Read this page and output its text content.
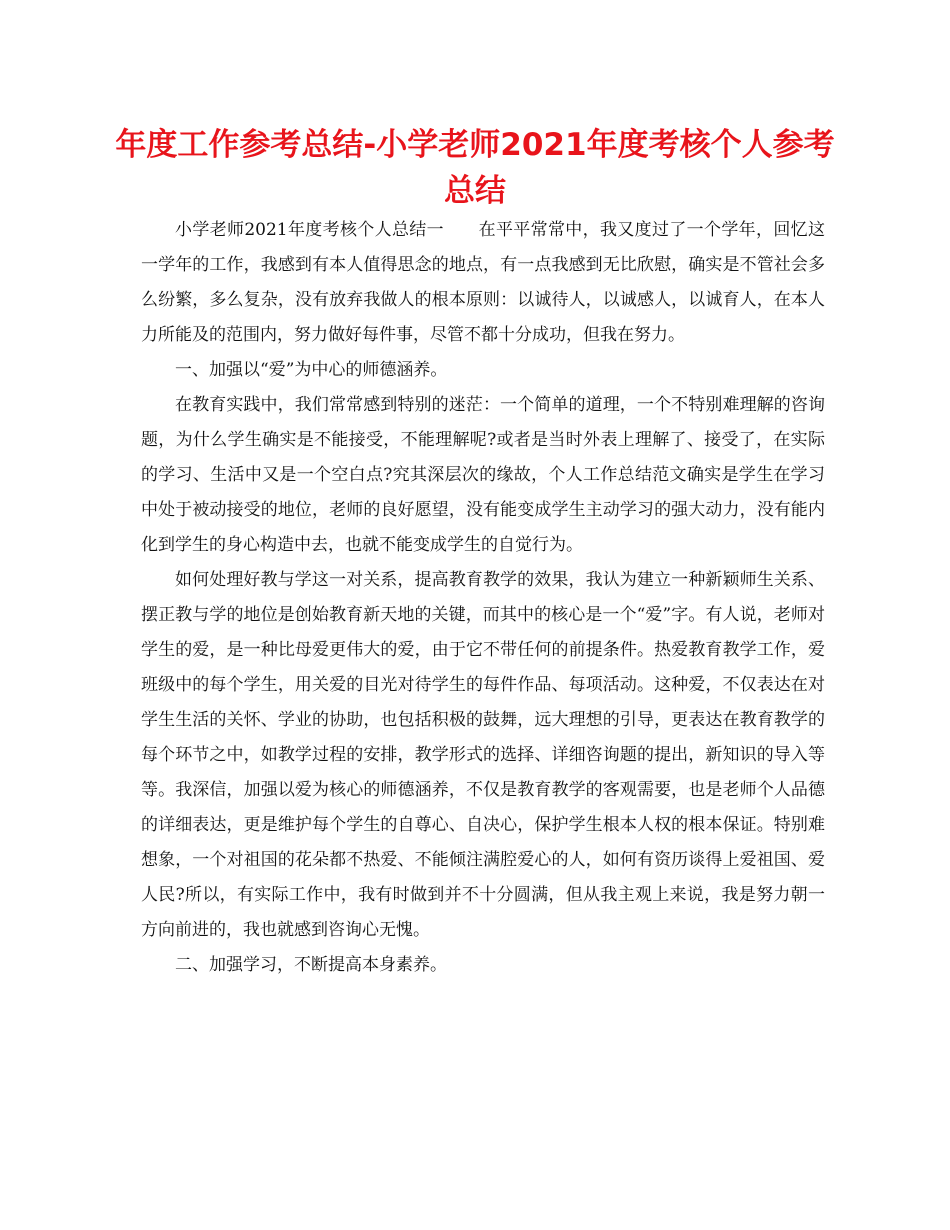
年度工作参考总结-小学老师2021年度考核个人参考总结

小学老师2021年度考核个人总结一　　在平平常常中，我又度过了一个学年，回忆这一学年的工作，我感到有本人值得思念的地点，有一点我感到无比欣慰，确实是不管社会多么纷繁，多么复杂，没有放弃我做人的根本原则：以诚待人，以诚感人，以诚育人，在本人力所能及的范围内，努力做好每件事，尽管不都十分成功，但我在努力。

一、加强以“爱”为中心的师德涵养。

在教育实践中，我们常常感到特别的迷茫：一个简单的道理，一个不特别难理解的咨询题，为什么学生确实是不能接受，不能理解呢?或者是当时外表上理解了、接受了，在实际的学习、生活中又是一个空白点?究其深层次的缘故，个人工作总结范文确实是学生在学习中处于被动接受的地位，老师的良好愿望，没有能变成学生主动学习的强大动力，没有能内化到学生的身心构造中去，也就不能变成学生的自觉行为。

如何处理好教与学这一对关系，提高教育教学的效果，我认为建立一种新颖师生关系、摆正教与学的地位是创始教育新天地的关键，而其中的核心是一个“爱”字。有人说，老师对学生的爱，是一种比母爱更伟大的爱，由于它不带任何的前提条件。热爱教育教学工作，爱班级中的每个学生，用关爱的目光对待学生的每件作品、每项活动。这种爱，不仅表达在对学生生活的关怀、学业的协助，也包括积极的鼓舞，远大理想的引导，更表达在教育教学的每个环节之中，如教学过程的安排，教学形式的选择、详细咨询题的提出，新知识的导入等等。我深信，加强以爱为核心的师德涵养，不仅是教育教学的客观需要，也是老师个人品德的详细表达，更是维护每个学生的自尊心、自决心，保护学生根本人权的根本保证。特别难想象，一个对祖国的花朵都不热爱、不能倾注满腔爱心的人，如何有资历谈得上爱祖国、爱人民?所以，有实际工作中，我有时做到并不十分圆满，但从我主观上来说，我是努力朝一方向前进的，我也就感到咨询心无愧。

二、加强学习，不断提高本身素养。
